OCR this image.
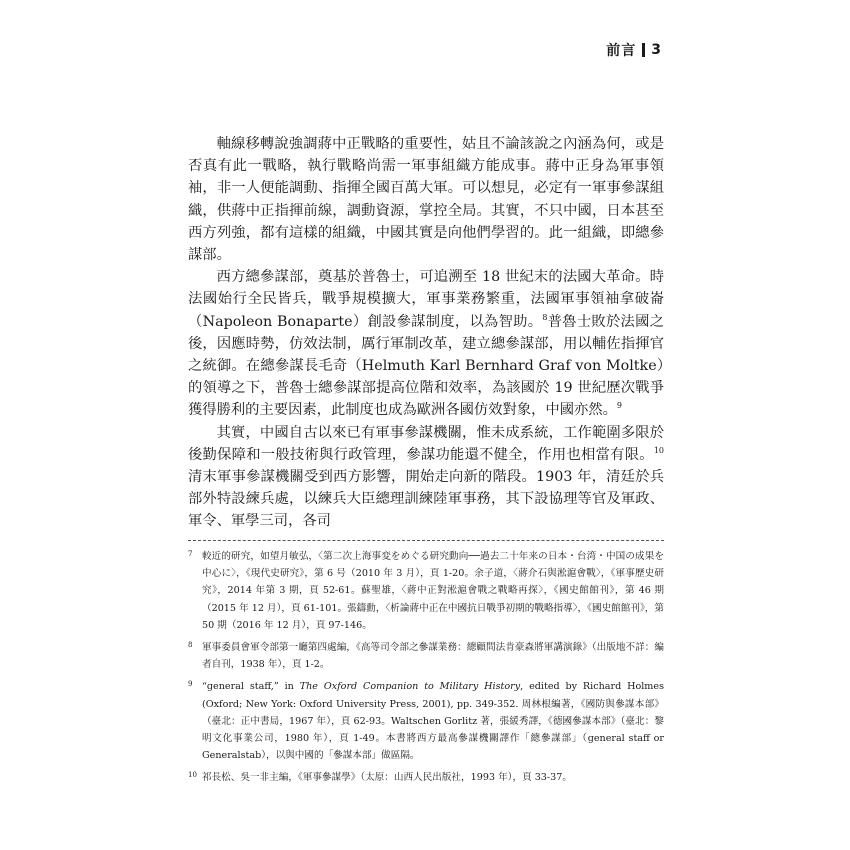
前言 3

軸線移轉說強調蔣中正戰略的重要性，姑且不論該說之內涵為何，或是否真有此一戰略，執行戰略尚需一軍事組織方能成事。蔣中正身為軍事領袖，非一人便能調動、指揮全國百萬大軍。可以想見，必定有一軍事參謀組織，供蔣中正指揮前線，調動資源，掌控全局。其實，不只中國，日本甚至西方列強，都有這樣的組織，中國其實是向他們學習的。此一組織，即總參謀部。

西方總參謀部，奠基於普魯士，可追溯至 18 世紀末的法國大革命。時法國始行全民皆兵，戰爭規模擴大，軍事業務繁重，法國軍事領袖拿破崙（Napoleon Bonaparte）創設參謀制度，以為智助。$^8$普魯士敗於法國之後，因應時勢，仿效法制，厲行軍制改革，建立總參謀部，用以輔佐指揮官之統御。在總參謀長毛奇（Helmuth Karl Bernhard Graf von Moltke）的領導之下，普魯士總參謀部提高位階和效率，為該國於 19 世紀歷次戰爭獲得勝利的主要因素，此制度也成為歐洲各國仿效對象，中國亦然。$^9$

其實，中國自古以來已有軍事參謀機關，惟未成系統，工作範圍多限於後勤保障和一般技術與行政管理，參謀功能還不健全，作用也相當有限。$^{10}$清末軍事參謀機關受到西方影響，開始走向新的階段。1903 年，清廷於兵部外特設練兵處，以練兵大臣總理訓練陸軍事務，其下設協理等官及軍政、軍令、軍學三司，各司

7 較近的研究，如望月敏弘，〈第二次上海事変をめぐる研究動向──過去二十年来の日本・台湾・中国の成果を中心に〉，《現代史研究》，第 6 号（2010 年 3 月），頁 1-20。余子道，〈蔣介石與淞滬會戰〉，《軍事歷史研究》，2014 年第 3 期，頁 52-61。蘇聖雄，〈蔣中正對淞滬會戰之戰略再探〉，《國史館館刊》，第 46 期（2015 年 12 月），頁 61-101。張鑄勳，〈析論蔣中正在中國抗日戰爭初期的戰略指導〉，《國史館館刊》，第 50 期（2016 年 12 月），頁 97-146。
8 軍事委員會軍令部第一廳第四處編，《高等司令部之參謀業務：總顧問法肯豪森將軍講演錄》（出版地不詳：編者自刊，1938 年），頁 1-2。
9 “general staff,” in The Oxford Companion to Military History, edited by Richard Holmes (Oxford; New York: Oxford University Press, 2001), pp. 349-352. 周林根編著，《國防與參謀本部》（臺北：正中書局，1967 年），頁 62-93。Waltschen Gorlitz 著，張緩秀譯，《德國參謀本部》（臺北：黎明文化事業公司，1980 年），頁 1-49。本書將西方最高參謀機關譯作「總參謀部」（general staff or Generalstab），以與中國的「參謀本部」做區隔。
10 祁長松、吳一非主編，《軍事參謀學》（太原：山西人民出版社，1993 年），頁 33-37。
